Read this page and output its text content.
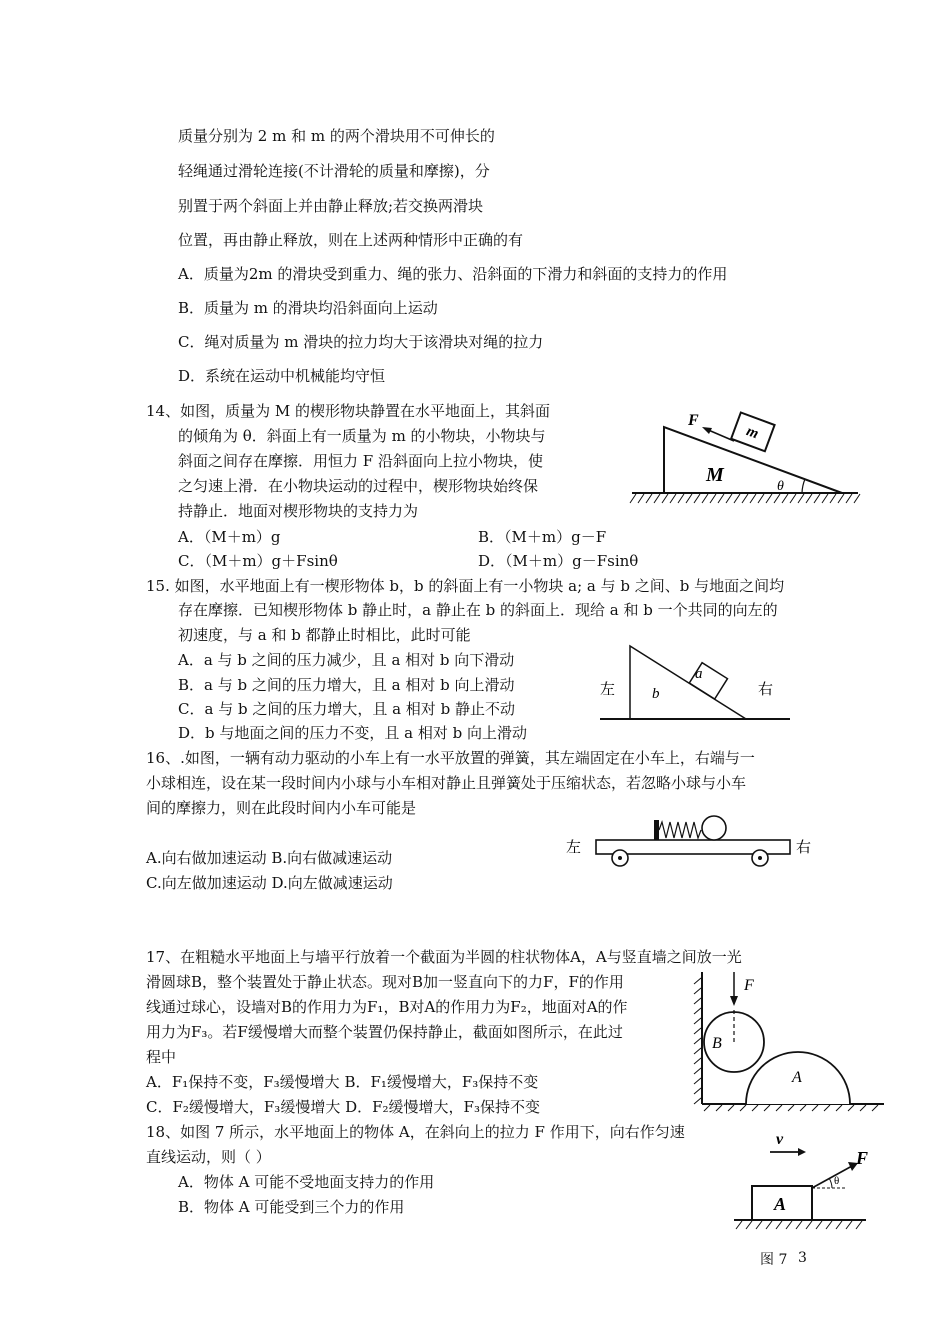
质量分别为 2 m 和 m 的两个滑块用不可伸长的
轻绳通过滑轮连接(不计滑轮的质量和摩擦)，分
别置于两个斜面上并由静止释放;若交换两滑块
位置，再由静止释放，则在上述两种情形中正确的有
A．质量为2m 的滑块受到重力、绳的张力、沿斜面的下滑力和斜面的支持力的作用
B．质量为 m 的滑块均沿斜面向上运动
C．绳对质量为 m 滑块的拉力均大于该滑块对绳的拉力
D．系统在运动中机械能均守恒
14、如图，质量为 M 的楔形物块静置在水平地面上，其斜面
的倾角为 θ．斜面上有一质量为 m 的小物块，小物块与
斜面之间存在摩擦．用恒力 F 沿斜面向上拉小物块，使
之匀速上滑．在小物块运动的过程中，楔形物块始终保
持静止．地面对楔形物块的支持力为
A．（M＋m）g	B．（M＋m）g－F
C．（M＋m）g＋Fsinθ	D．（M＋m）g－Fsinθ
m
F
M
θ
15. 如图，水平地面上有一楔形物体 b，b 的斜面上有一小物块 a; a 与 b 之间、b 与地面之间均
存在摩擦．已知楔形物体 b 静止时，a 静止在 b 的斜面上．现给 a 和 b 一个共同的向左的
初速度，与 a 和 b 都静止时相比，此时可能
A．a 与 b 之间的压力减少，且 a 相对 b 向下滑动
B．a 与 b 之间的压力增大，且 a 相对 b 向上滑动
C．a 与 b 之间的压力增大，且 a 相对 b 静止不动
D．b 与地面之间的压力不变，且 a 相对 b 向上滑动
a
b
左	右
16、.如图，一辆有动力驱动的小车上有一水平放置的弹簧，其左端固定在小车上，右端与一
小球相连，设在某一段时间内小球与小车相对静止且弹簧处于压缩状态，若忽略小球与小车
间的摩擦力，则在此段时间内小车可能是
A.向右做加速运动 B.向右做减速运动
C.向左做加速运动 D.向左做减速运动
左	右
17、在粗糙水平地面上与墙平行放着一个截面为半圆的柱状物体A，A与竖直墙之间放一光
滑圆球B，整个装置处于静止状态。现对B加一竖直向下的力F，F的作用
线通过球心，设墙对B的作用力为F₁，B对A的作用力为F₂，地面对A的作
用力为F₃。若F缓慢增大而整个装置仍保持静止，截面如图所示，在此过
程中
A．F₁保持不变，F₃缓慢增大 B．F₁缓慢增大，F₃保持不变
C．F₂缓慢增大，F₃缓慢增大 D．F₂缓慢增大，F₃保持不变
F
B
A
18、如图 7 所示，水平地面上的物体 A，在斜向上的拉力 F 作用下，向右作匀速
直线运动，则（ ）
A．物体 A 可能不受地面支持力的作用
B．物体 A 可能受到三个力的作用
v
A
θ
F
图 7 3
